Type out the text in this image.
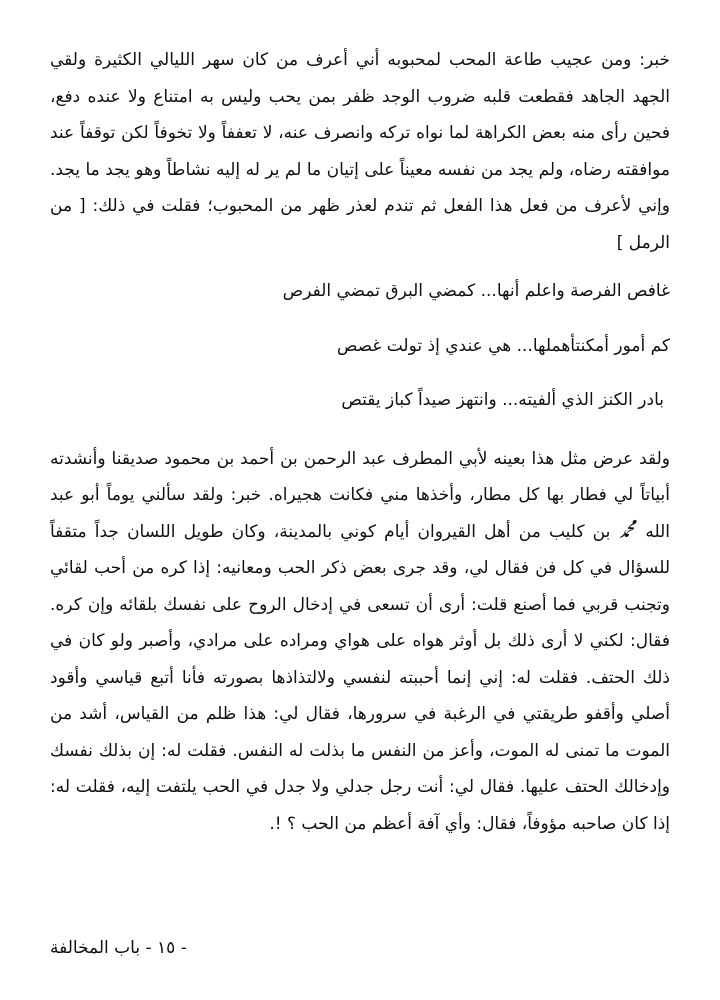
خبر: ومن عجيب طاعة المحب لمحبوبه أني أعرف من كان سهر الليالي الكثيرة ولقي الجهد الجاهد فقطعت قلبه ضروب الوجد ظفر بمن يحب وليس به امتناع ولا عنده دفع، فحين رأى منه بعض الكراهة لما نواه تركه وانصرف عنه، لا تعففاً ولا تخوفاً لكن توقفاً عند موافقته رضاه، ولم يجد من نفسه معيناً على إتيان ما لم ير له إليه نشاطاً وهو يجد ما يجد. وإني لأعرف من فعل هذا الفعل ثم تندم لعذر ظهر من المحبوب؛ فقلت في ذلك: [ من الرمل ]

غافص الفرصة واعلم أنها... كمضي البرق تمضي الفرص

كم أمور أمكنتأهملها... هي عندي إذ تولت غصص

بادر الكنز الذي ألفيته... وانتهز صيداً كباز يقتص

ولقد عرض مثل هذا بعينه لأبي المطرف عبد الرحمن بن أحمد بن محمود صديقنا وأنشدته أبياتاً لي فطار بها كل مطار، وأخذها مني فكانت هجيراه. خبر: ولقد سألني يوماً أبو عبد الله ﷴ بن كليب من أهل القيروان أيام كوني بالمدينة، وكان طويل اللسان جداً متقفاً للسؤال في كل فن فقال لي، وقد جرى بعض ذكر الحب ومعانيه: إذا كره من أحب لقائي وتجنب قربي فما أصنع قلت: أرى أن تسعى في إدخال الروح على نفسك بلقائه وإن كره. فقال: لكني لا أرى ذلك بل أوثر هواه على هواي ومراده على مرادي، وأصبر ولو كان في ذلك الحتف. فقلت له: إني إنما أحببته لنفسي ولالتذاذها بصورته فأنا أتبع قياسي وأقود أصلي وأقفو طريقتي في الرغبة في سرورها، فقال لي: هذا ظلم من القياس، أشد من الموت ما تمنى له الموت، وأعز من النفس ما بذلت له النفس. فقلت له: إن بذلك نفسك وإدخالك الحتف عليها. فقال لي: أنت رجل جدلي ولا جدل في الحب يلتفت إليه، فقلت له: إذا كان صاحبه مؤوفاً، فقال: وأي آفة أعظم من الحب ؟ !.

- ١٥ - باب المخالفة
